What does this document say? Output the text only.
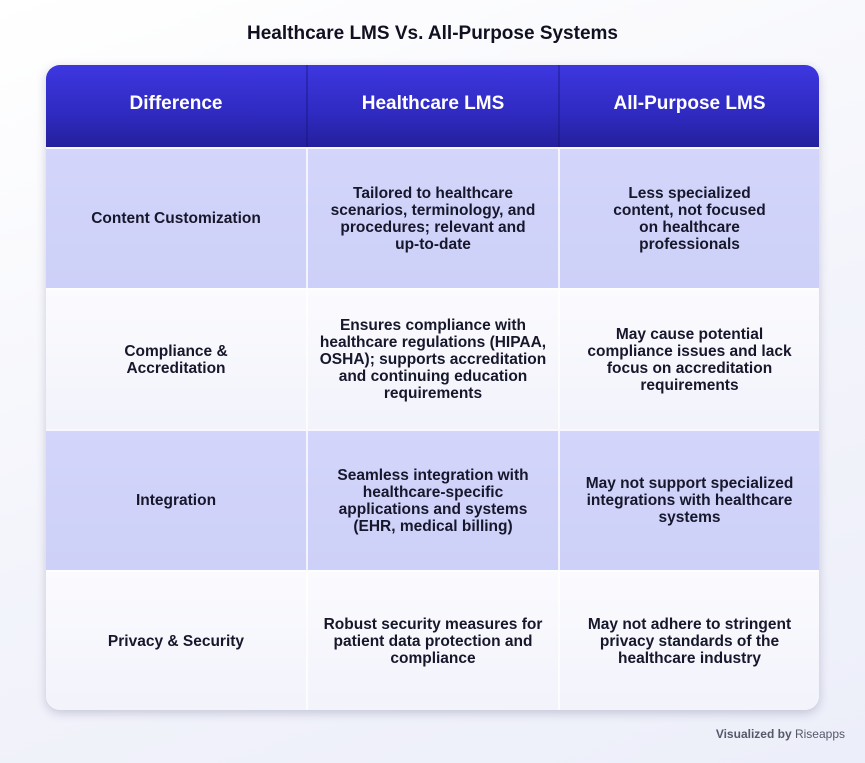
Healthcare LMS Vs. All-Purpose Systems
Difference	Healthcare LMS	All-Purpose LMS
Content Customization
Tailored to healthcare scenarios, terminology, and procedures; relevant and up-to-date
Less specialized content, not focused on healthcare professionals
Compliance & Accreditation
Ensures compliance with healthcare regulations (HIPAA, OSHA); supports accreditation and continuing education requirements
May cause potential compliance issues and lack focus on accreditation requirements
Integration
Seamless integration with healthcare-specific applications and systems (EHR, medical billing)
May not support specialized integrations with healthcare systems
Privacy & Security
Robust security measures for patient data protection and compliance
May not adhere to stringent privacy standards of the healthcare industry
Visualized by Riseapps
